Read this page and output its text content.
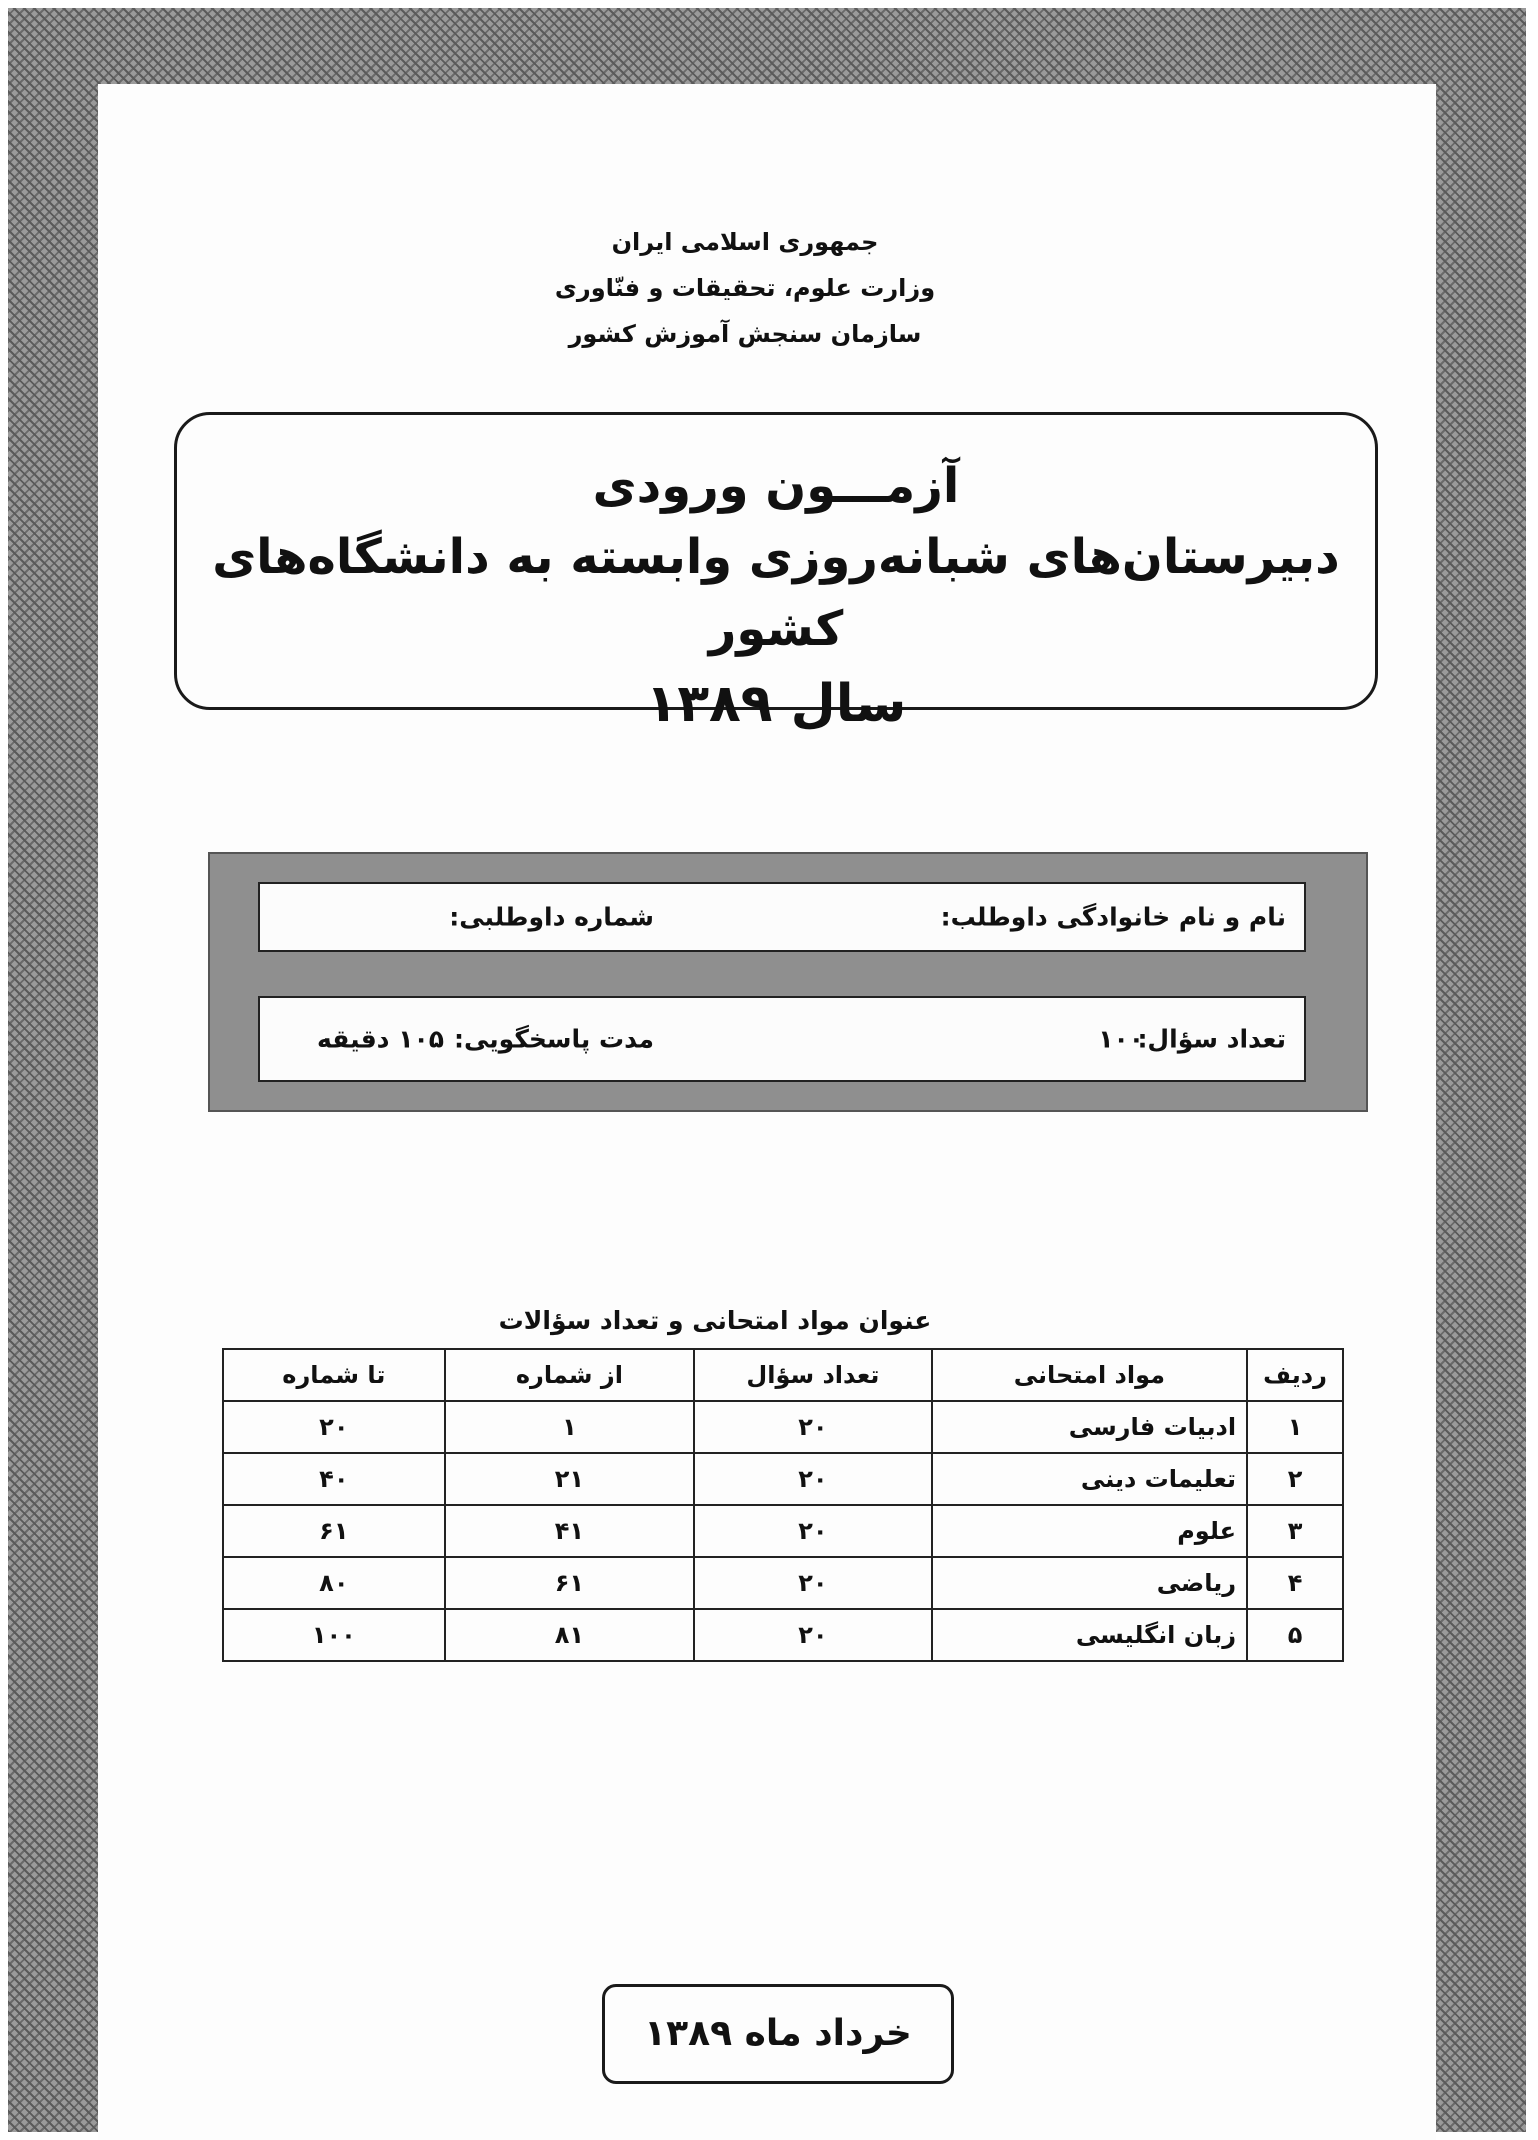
جمهوری اسلامی ایران
وزارت علوم، تحقیقات و فنّاوری
سازمان سنجش آموزش کشور
آزمـــون ورودی
دبیرستان‌های شبانه‌روزی وابسته به دانشگاه‌های کشور
سال ۱۳۸۹
نام و نام خانوادگی داوطلب:
شماره داوطلبی:
تعداد سؤال:
۱۰۰
مدت پاسخگویی:
۱۰۵ دقیقه
عنوان مواد امتحانی و تعداد سؤالات
ردیف	مواد امتحانی	تعداد سؤال	از شماره	تا شماره
۱	ادبیات فارسی	۲۰	۱	۲۰
۲	تعلیمات دینی	۲۰	۲۱	۴۰
۳	علوم	۲۰	۴۱	۶۱
۴	ریاضی	۲۰	۶۱	۸۰
۵	زبان انگلیسی	۲۰	۸۱	۱۰۰
خرداد ماه ۱۳۸۹
